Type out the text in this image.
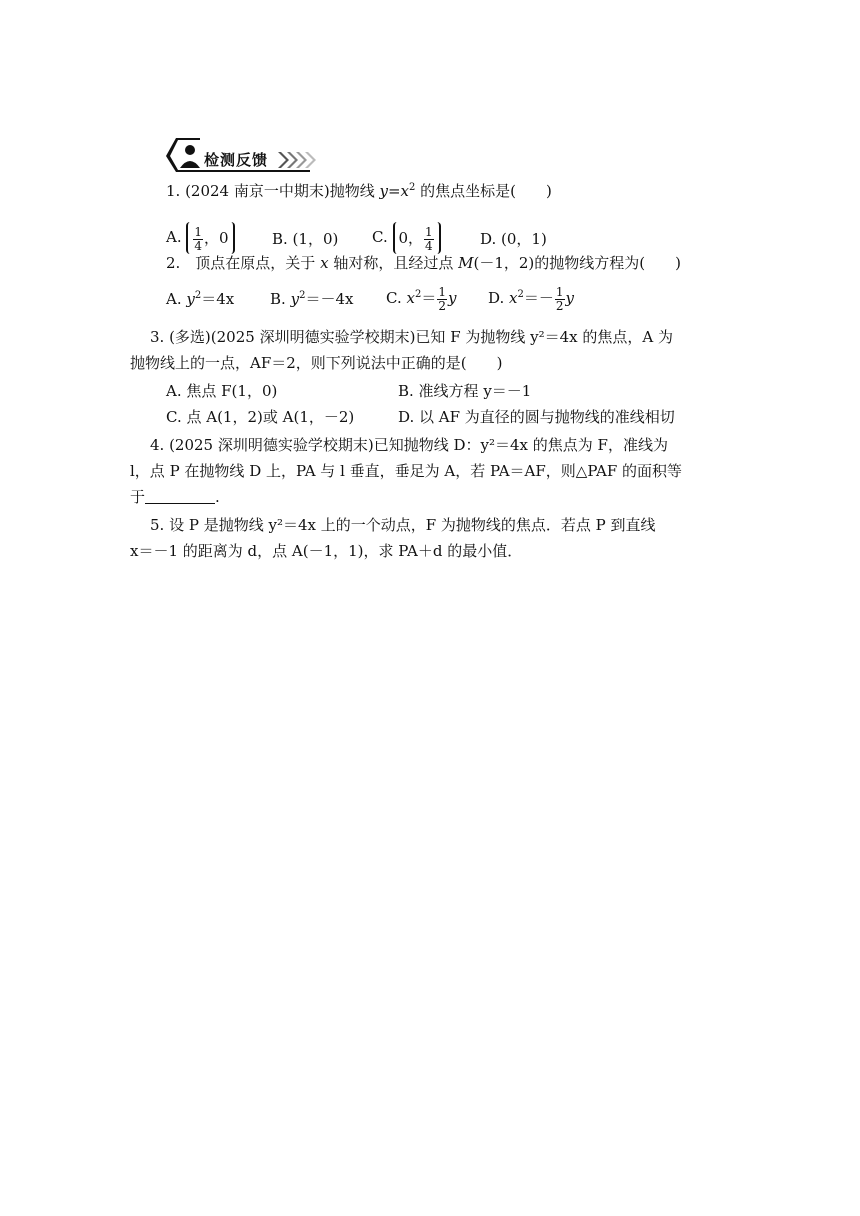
检测反馈
1. (2024 南京一中期末)抛物线 $y=x^2$ 的焦点坐标是(　　)
A. $\frac{1}{4}$ ，0	B. (1，0) C. 0， $\frac{1}{4}$	D. (0，1)
2.　顶点在原点，关于 x 轴对称，且经过点 M(－1，2)的抛物线方程为(　　)
A. $y^2=4x$ B. $y^2=-4x$ C. $x^2= \frac{1}{2}$ y D. $x^2=- \frac{1}{2}$ y
3. (多选)(2025 深圳明德实验学校期末)已知 F 为抛物线 y²＝4x 的焦点，A 为
抛物线上的一点，AF＝2，则下列说法中正确的是(　　)
A. 焦点 F(1，0)	B. 准线方程 y＝－1
C. 点 A(1，2)或 A(1，－2)	D. 以 AF 为直径的圆与抛物线的准线相切
4. (2025 深圳明德实验学校期末)已知抛物线 D：y²＝4x 的焦点为 F，准线为
l，点 P 在抛物线 D 上，PA 与 l 垂直，垂足为 A，若 PA＝AF，则△PAF 的面积等
于	.
5. 设 P 是抛物线 y²＝4x 上的一个动点，F 为抛物线的焦点．若点 P 到直线
x＝－1 的距离为 d，点 A(－1，1)，求 PA＋d 的最小值．
